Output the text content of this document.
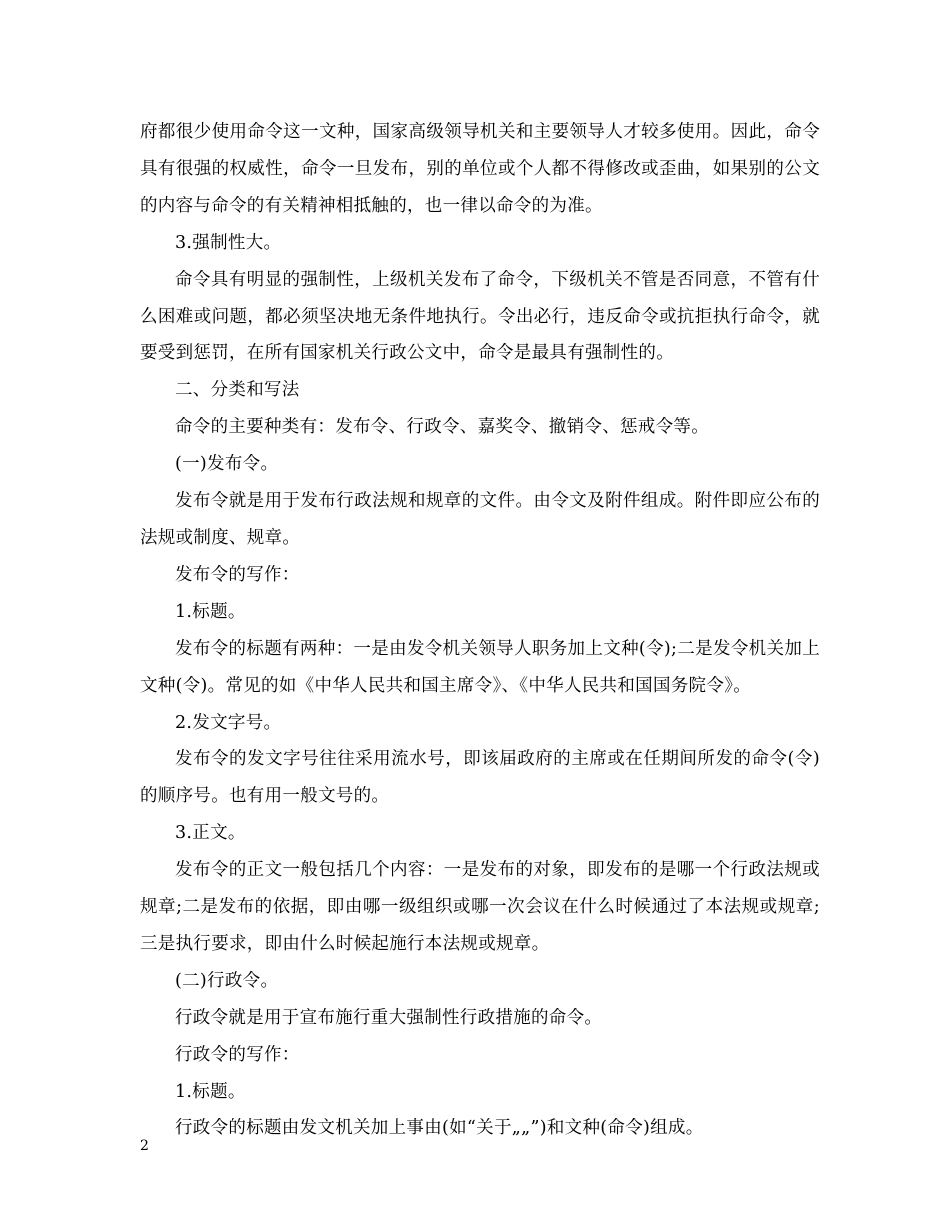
府都很少使用命令这一文种，国家高级领导机关和主要领导人才较多使用。因此，命令具有很强的权威性，命令一旦发布，别的单位或个人都不得修改或歪曲，如果别的公文的内容与命令的有关精神相抵触的，也一律以命令的为准。

3.强制性大。

命令具有明显的强制性，上级机关发布了命令，下级机关不管是否同意，不管有什么困难或问题，都必须坚决地无条件地执行。令出必行，违反命令或抗拒执行命令，就要受到惩罚，在所有国家机关行政公文中，命令是最具有强制性的。

二、分类和写法

命令的主要种类有：发布令、行政令、嘉奖令、撤销令、惩戒令等。

(一)发布令。

发布令就是用于发布行政法规和规章的文件。由令文及附件组成。附件即应公布的法规或制度、规章。

发布令的写作：

1.标题。

发布令的标题有两种：一是由发令机关领导人职务加上文种(令);二是发令机关加上文种(令)。常见的如《中华人民共和国主席令》、《中华人民共和国国务院令》。

2.发文字号。

发布令的发文字号往往采用流水号，即该届政府的主席或在任期间所发的命令(令)的顺序号。也有用一般文号的。

3.正文。

发布令的正文一般包括几个内容：一是发布的对象，即发布的是哪一个行政法规或规章;二是发布的依据，即由哪一级组织或哪一次会议在什么时候通过了本法规或规章;三是执行要求，即由什么时候起施行本法规或规章。

(二)行政令。

行政令就是用于宣布施行重大强制性行政措施的命令。

行政令的写作：

1.标题。

行政令的标题由发文机关加上事由(如“关于„„”)和文种(命令)组成。

2
